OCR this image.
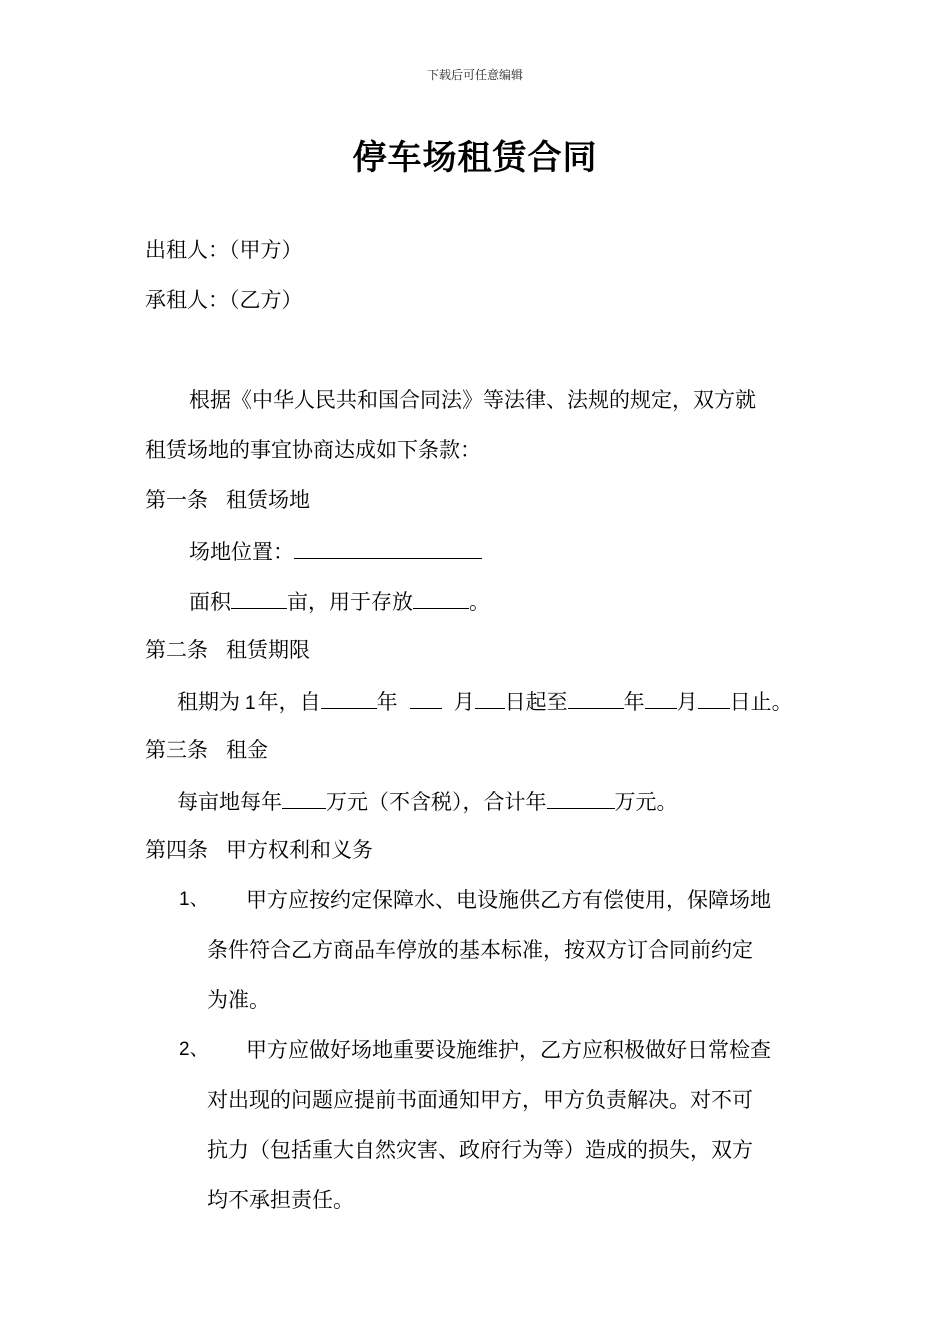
下载后可任意编辑
停车场租赁合同
出租人：（甲方）
承租人：（乙方）
根据《中华人民共和国合同法》等法律、法规的规定，双方就
租赁场地的事宜协商达成如下条款：
第一条 租赁场地
场地位置：
面积	亩，用于存放	。
第二条 租赁期限
租期为 1年，自	年	月 日起至	年 月 日止。
第三条 租金
每亩地每年 万元（不含税），合计年	万元。
第四条 甲方权利和义务
1、 甲方应按约定保障水、电设施供乙方有偿使用，保障场地
条件符合乙方商品车停放的基本标准，按双方订合同前约定
为准。
2、 甲方应做好场地重要设施维护，乙方应积极做好日常检查
对出现的问题应提前书面通知甲方，甲方负责解决。对不可
抗力（包括重大自然灾害、政府行为等）造成的损失，双方
均不承担责任。
